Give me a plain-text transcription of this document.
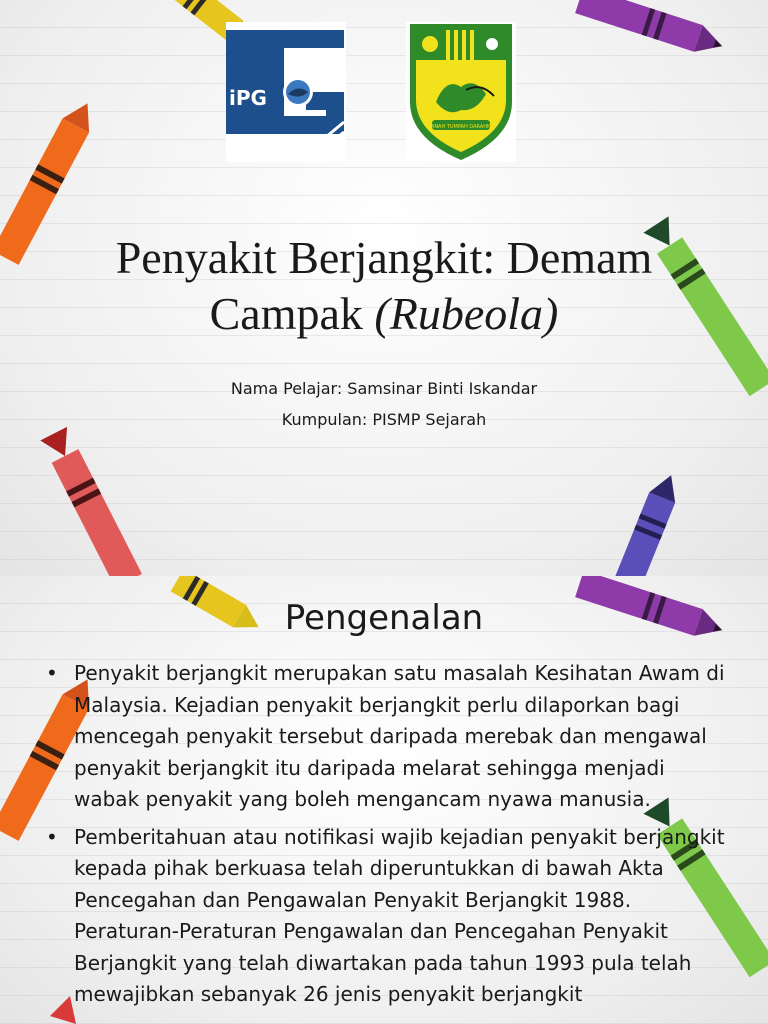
iPG
TANAH TUMPAH DARAHKU
Penyakit Berjangkit: Demam
Campak (Rubeola)
Nama Pelajar: Samsinar Binti Iskandar
Kumpulan: PISMP Sejarah
Pengenalan
• Penyakit berjangkit merupakan satu masalah Kesihatan Awam di Malaysia. Kejadian penyakit berjangkit perlu dilaporkan bagi mencegah penyakit tersebut daripada merebak dan mengawal penyakit berjangkit itu daripada melarat sehingga menjadi wabak penyakit yang boleh mengancam nyawa manusia.
• Pemberitahuan atau notifikasi wajib kejadian penyakit berjangkit kepada pihak berkuasa telah diperuntukkan di bawah Akta Pencegahan dan Pengawalan Penyakit Berjangkit 1988. Peraturan-Peraturan Pengawalan dan Pencegahan Penyakit Berjangkit yang telah diwartakan pada tahun 1993 pula telah mewajibkan sebanyak 26 jenis penyakit berjangkit
